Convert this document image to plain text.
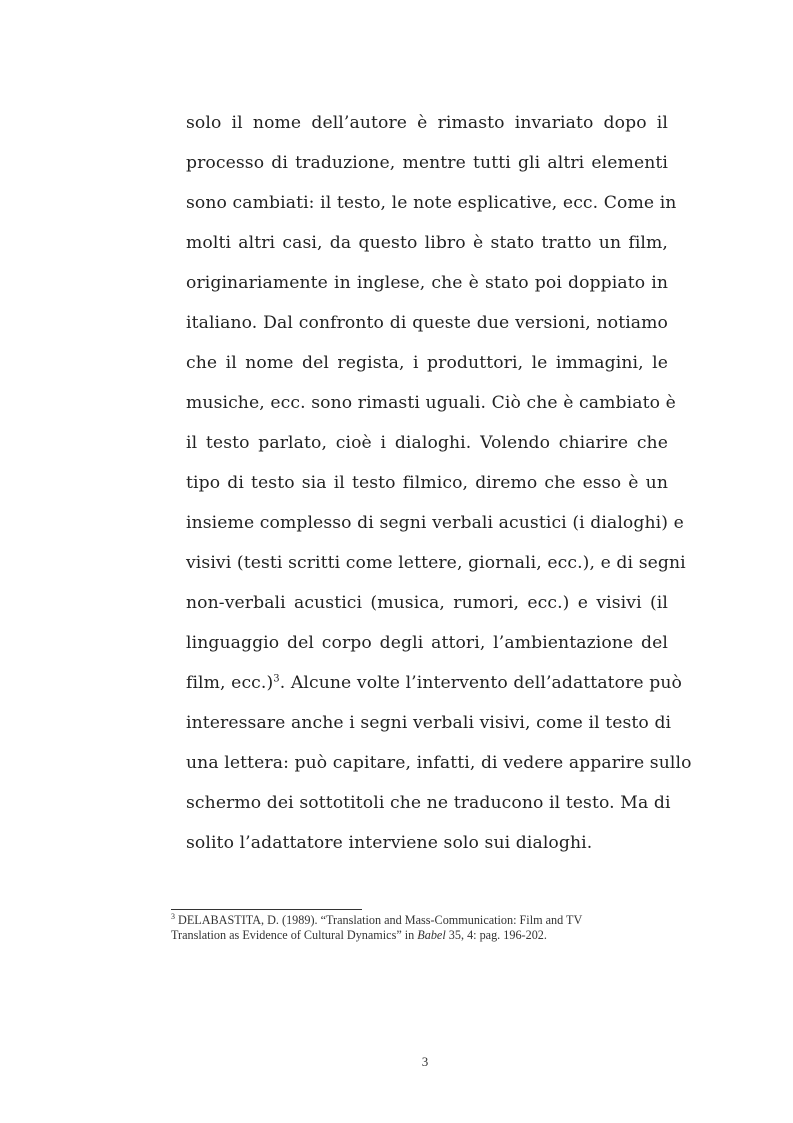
solo il nome dell’autore è rimasto invariato dopo il
processo di traduzione, mentre tutti gli altri elementi
sono cambiati: il testo, le note esplicative, ecc. Come in
molti altri casi, da questo libro è stato tratto un film,
originariamente in inglese, che è stato poi doppiato in
italiano. Dal confronto di queste due versioni, notiamo
che il nome del regista, i produttori, le immagini, le
musiche, ecc. sono rimasti uguali. Ciò che è cambiato è
il testo parlato, cioè i dialoghi. Volendo chiarire che
tipo di testo sia il testo filmico, diremo che esso è un
insieme complesso di segni verbali acustici (i dialoghi) e
visivi (testi scritti come lettere, giornali, ecc.), e di segni
non-verbali acustici (musica, rumori, ecc.) e visivi (il
linguaggio del corpo degli attori, l’ambientazione del
film, ecc.)$^3$. Alcune volte l’intervento dell’adattatore può
interessare anche i segni verbali visivi, come il testo di
una lettera: può capitare, infatti, di vedere apparire sullo
schermo dei sottotitoli che ne traducono il testo. Ma di
solito l’adattatore interviene solo sui dialoghi.
$^3$ DELABASTITA, D. (1989). “Translation and Mass-Communication: Film and TV
Translation as Evidence of Cultural Dynamics” in Babel 35, 4: pag. 196-202.
3
